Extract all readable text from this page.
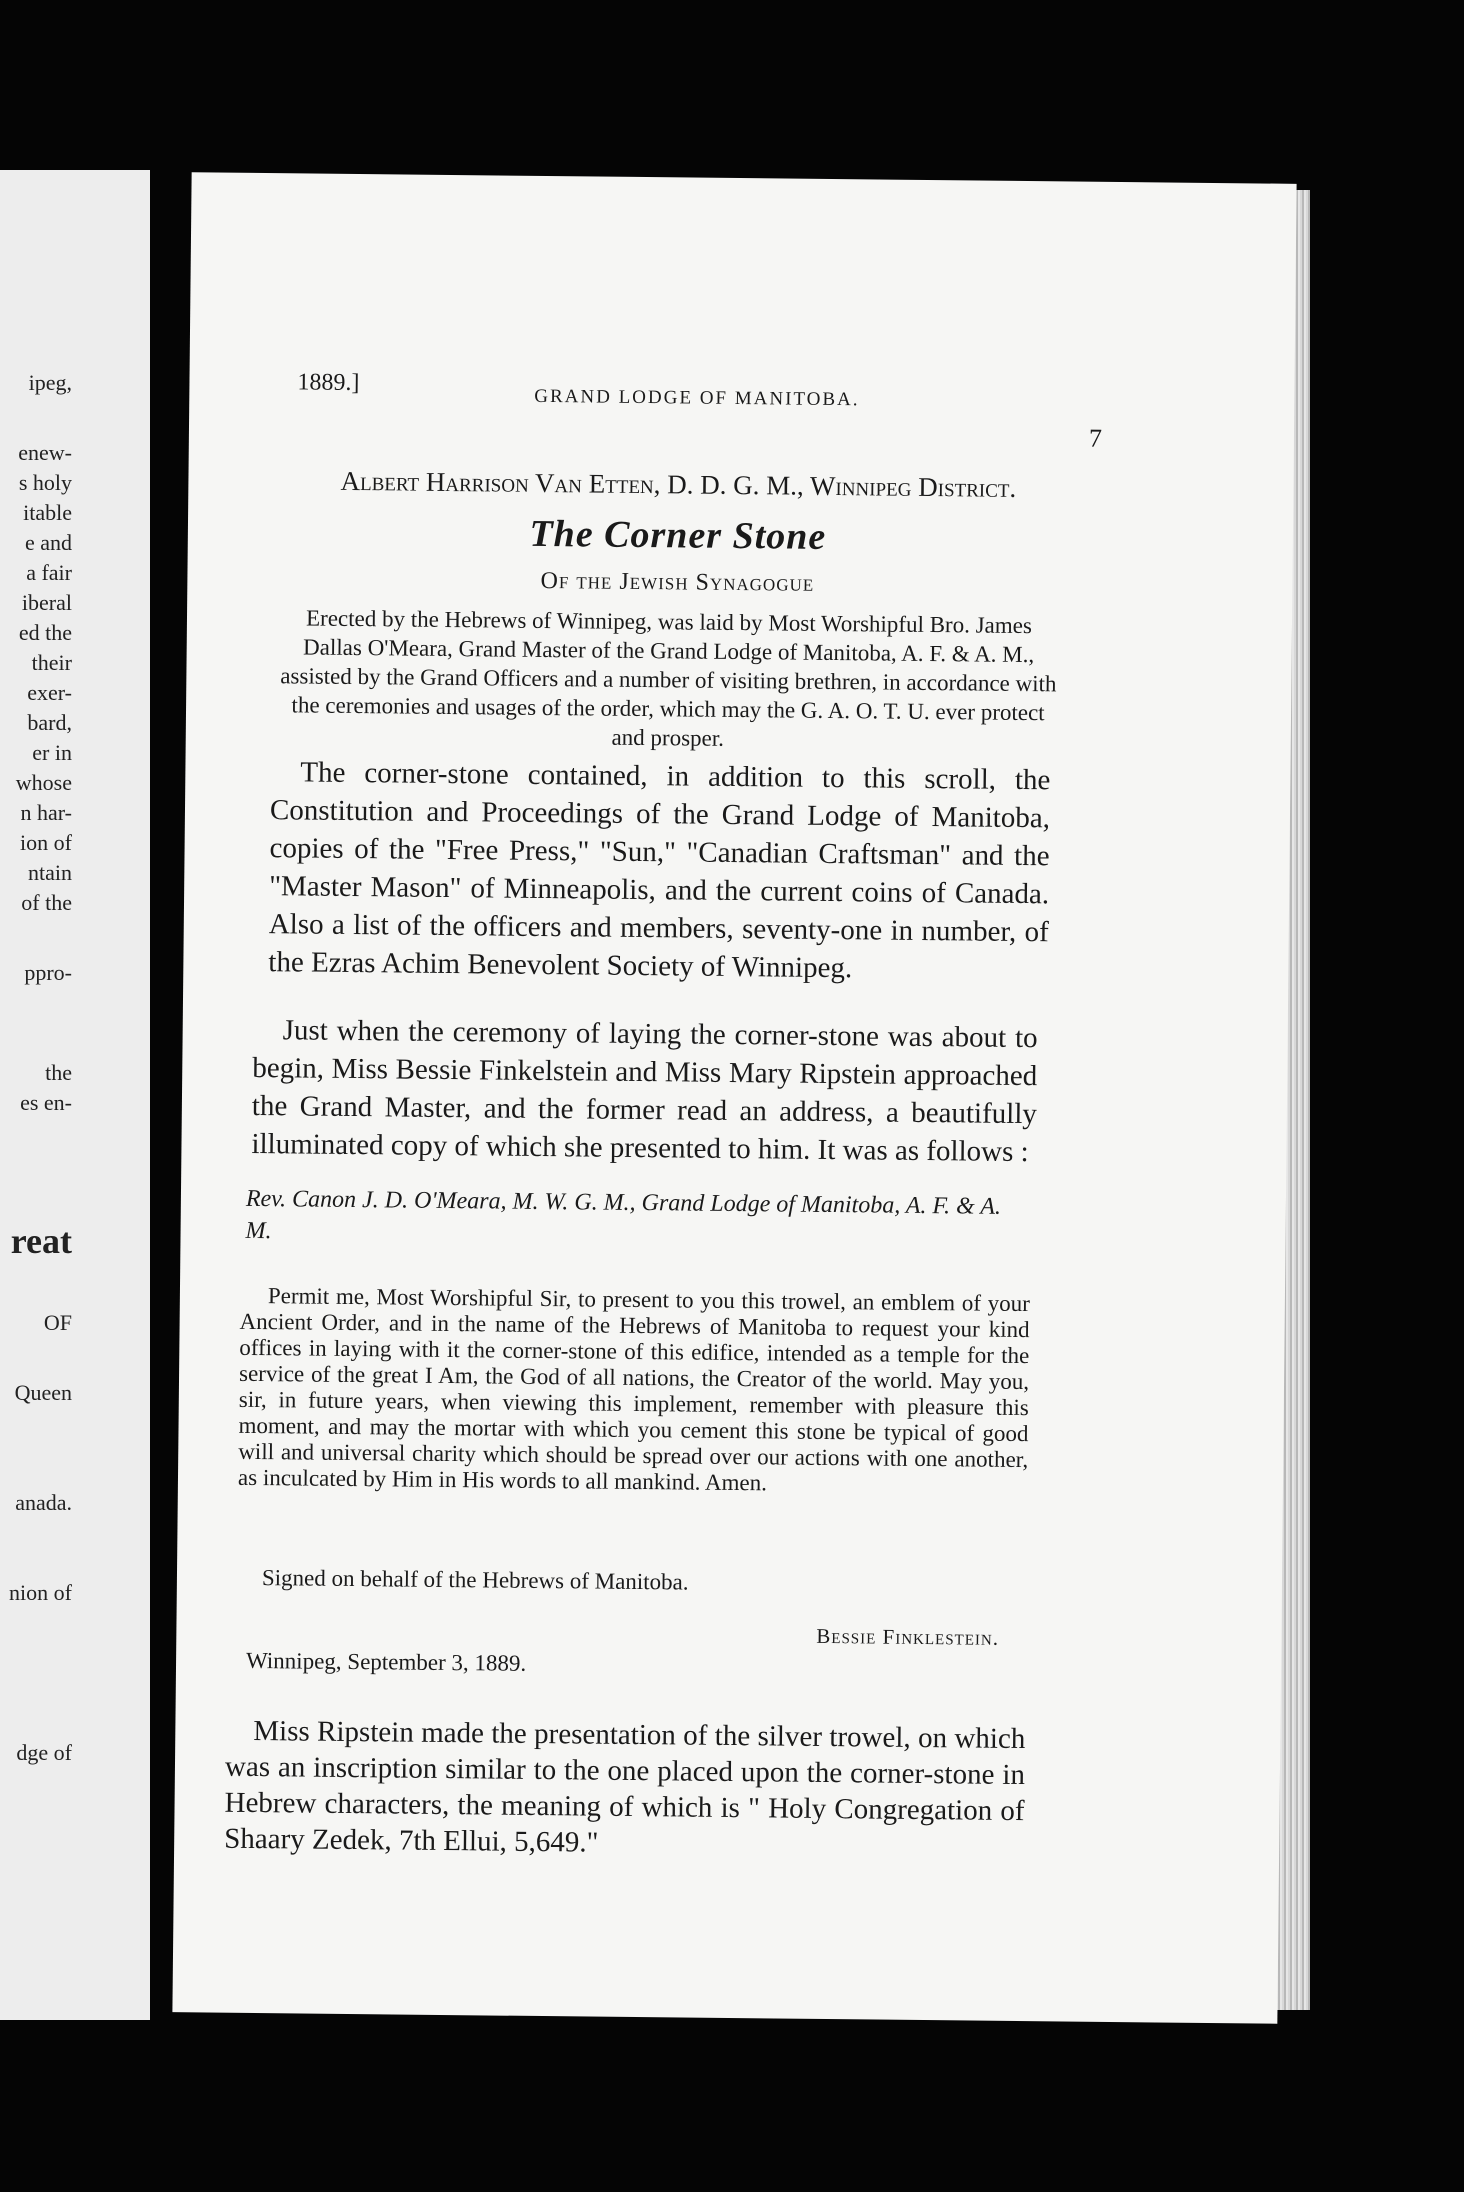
ipeg,
enew-
s holy
itable
e and
a fair
iberal
ed the
their
exer-
bard,
er in
whose
n har-
ion of
ntain
of the
ppro-
the
es en-
reat
OF
Queen
anada.
nion of
dge of
1889.]
GRAND LODGE OF MANITOBA.
7
Albert Harrison Van Etten, D. D. G. M., Winnipeg District.
The Corner Stone
Of the Jewish Synagogue
Erected by the Hebrews of Winnipeg, was laid by Most Worshipful Bro. James Dallas O'Meara, Grand Master of the Grand Lodge of Manitoba, A. F. & A. M., assisted by the Grand Officers and a number of visiting brethren, in accordance with the ceremonies and usages of the order, which may the G. A. O. T. U. ever protect and prosper.
The corner-stone contained, in addition to this scroll, the Constitution and Proceedings of the Grand Lodge of Manitoba, copies of the "Free Press," "Sun," "Canadian Craftsman" and the "Master Mason" of Minneapolis, and the current coins of Canada. Also a list of the officers and members, seventy-one in number, of the Ezras Achim Benevolent Society of Winnipeg.
Just when the ceremony of laying the corner-stone was about to begin, Miss Bessie Finkelstein and Miss Mary Ripstein approached the Grand Master, and the former read an address, a beautifully illuminated copy of which she presented to him. It was as follows :
Rev. Canon J. D. O'Meara, M. W. G. M., Grand Lodge of Manitoba, A. F. & A. M.
Permit me, Most Worshipful Sir, to present to you this trowel, an emblem of your Ancient Order, and in the name of the Hebrews of Manitoba to request your kind offices in laying with it the corner-stone of this edifice, intended as a temple for the service of the great I Am, the God of all nations, the Creator of the world. May you, sir, in future years, when viewing this implement, remember with pleasure this moment, and may the mortar with which you cement this stone be typical of good will and universal charity which should be spread over our actions with one another, as inculcated by Him in His words to all mankind. Amen.
Signed on behalf of the Hebrews of Manitoba.
Bessie Finklestein.
Winnipeg, September 3, 1889.
Miss Ripstein made the presentation of the silver trowel, on which was an inscription similar to the one placed upon the corner-stone in Hebrew characters, the meaning of which is " Holy Congregation of Shaary Zedek, 7th Ellui, 5,649."
